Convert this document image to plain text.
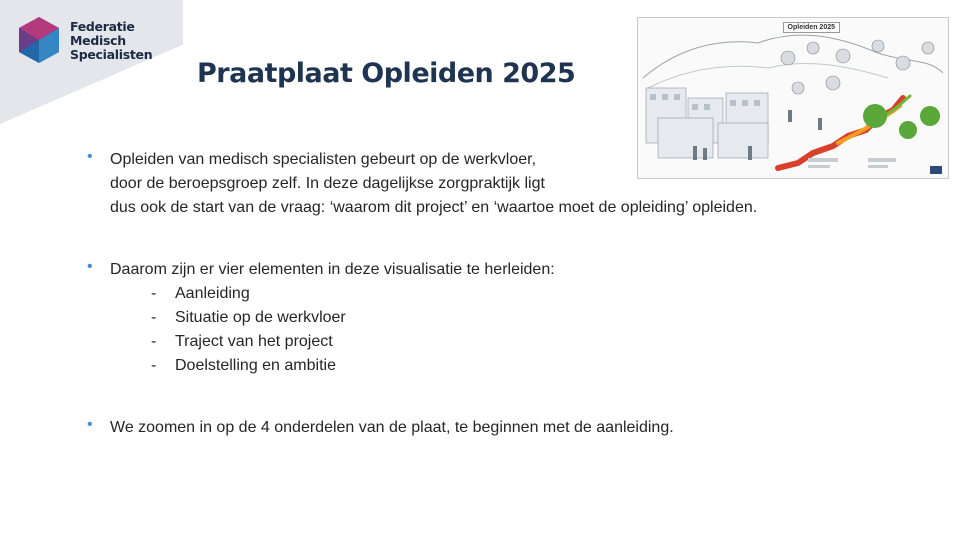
Federatie
Medisch
Specialisten
Praatplaat Opleiden 2025
Opleiden 2025
• Opleiden van medisch specialisten gebeurt op de werkvloer,
door de beroepsgroep zelf. In deze dagelijkse zorgpraktijk ligt
dus ook de start van de vraag: ‘waarom dit project’ en ‘waartoe moet de opleiding’ opleiden.
• Daarom zijn er vier elementen in deze visualisatie te herleiden:
- Aanleiding
- Situatie op de werkvloer
- Traject van het project
- Doelstelling en ambitie
• We zoomen in op de 4 onderdelen van de plaat, te beginnen met de aanleiding.
